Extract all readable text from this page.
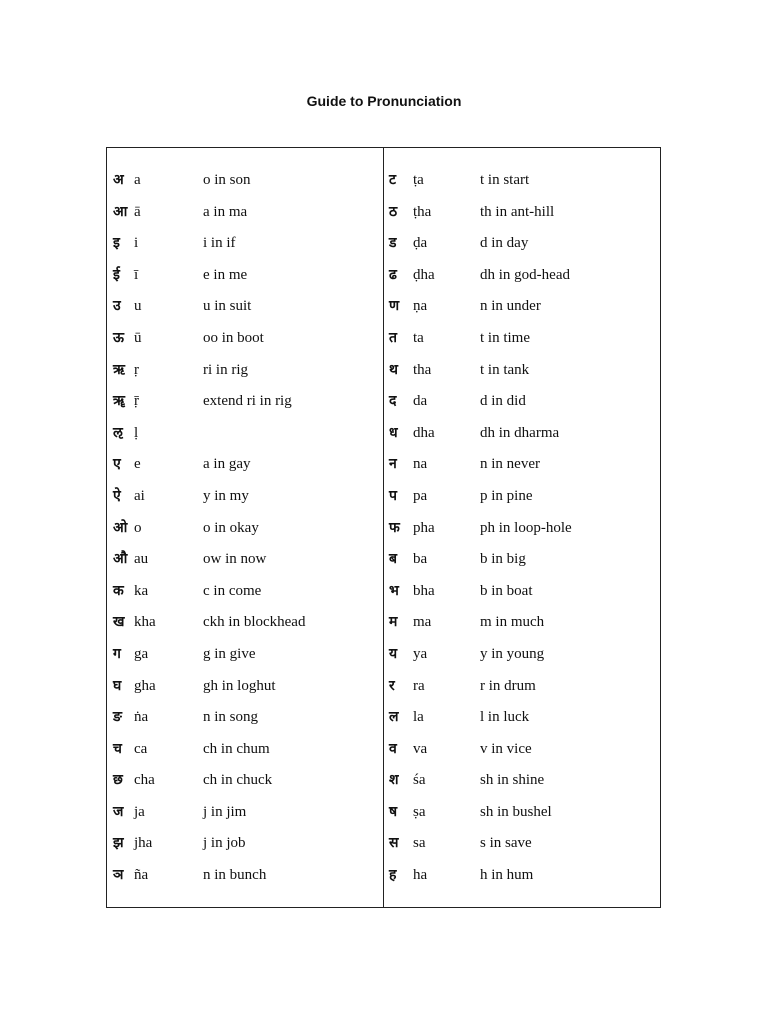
Guide to Pronunciation
अ a	o in son
आ ā	a in ma
इ i	i in if
ई ī	e in me
उ u	u in suit
ऊ ū	oo in boot
ऋ ṛ	ri in rig
ॠ ṝ	extend ri in rig
ऌ ḷ
ए e	a in gay
ऐ ai	y in my
ओ o	o in okay
औ au	ow in now
क ka	c in come
ख kha	ckh in blockhead
ग ga	g in give
घ gha	gh in loghut
ङ ṅa	n in song
च ca	ch in chum
छ cha	ch in chuck
ज ja	j in jim
झ jha	j in job
ञ ña	n in bunch
ट ṭa	t in start
ठ ṭha	th in ant-hill
ड ḍa	d in day
ढ ḍha	dh in god-head
ण ṇa	n in under
त ta	t in time
थ tha	t in tank
द da	d in did
ध dha	dh in dharma
न na	n in never
प pa	p in pine
फ pha	ph in loop-hole
ब ba	b in big
भ bha	b in boat
म ma	m in much
य ya	y in young
र ra	r in drum
ल la	l in luck
व va	v in vice
श śa	sh in shine
ष ṣa	sh in bushel
स sa	s in save
ह ha	h in hum
